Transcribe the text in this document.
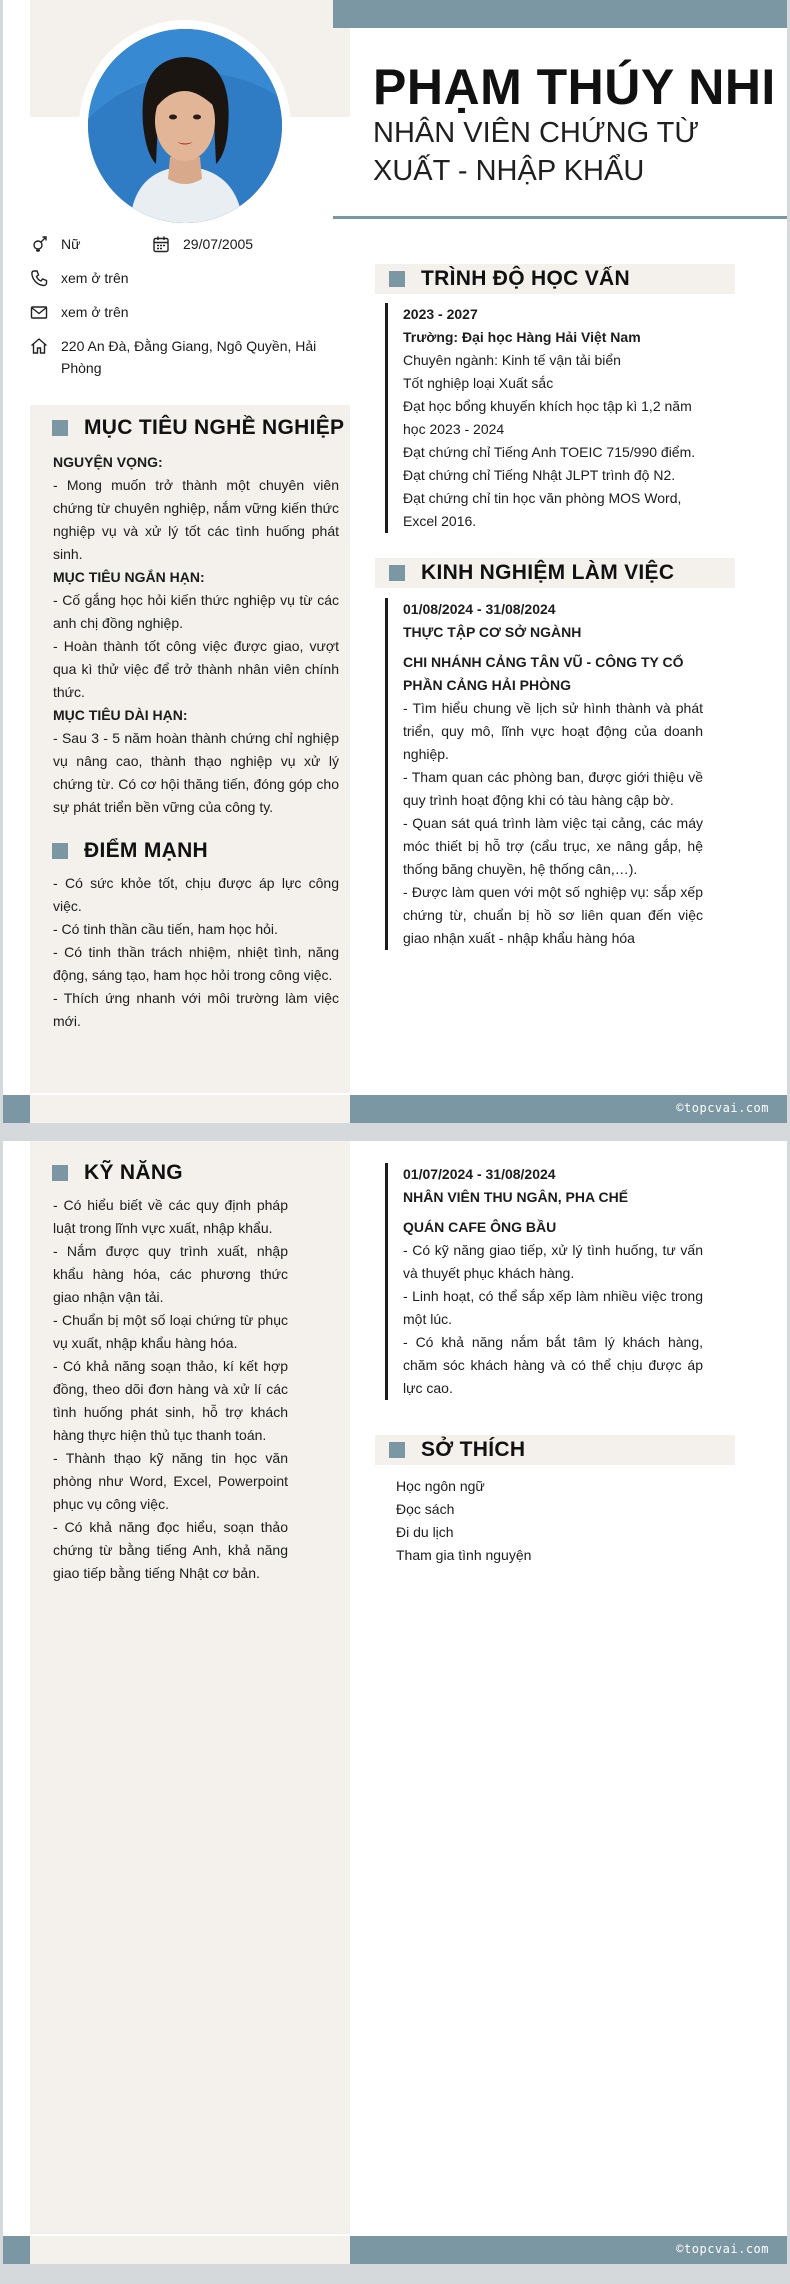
PHẠM THÚY NHI
NHÂN VIÊN CHỨNG TỪ XUẤT - NHẬP KHẨU
Nữ	29/07/2005
xem ở trên
xem ở trên
220 An Đà, Đằng Giang, Ngô Quyền, Hải Phòng
MỤC TIÊU NGHỀ NGHIỆP
NGUYỆN VỌNG:

- Mong muốn trở thành một chuyên viên chứng từ chuyên nghiệp, nắm vững kiến thức nghiệp vụ và xử lý tốt các tình huống phát sinh.

MỤC TIÊU NGẮN HẠN:

- Cố gắng học hỏi kiến thức nghiệp vụ từ các anh chị đồng nghiệp.

- Hoàn thành tốt công việc được giao, vượt qua kì thử việc để trở thành nhân viên chính thức.

MỤC TIÊU DÀI HẠN:

- Sau 3 - 5 năm hoàn thành chứng chỉ nghiệp vụ nâng cao, thành thạo nghiệp vụ xử lý chứng từ. Có cơ hội thăng tiến, đóng góp cho sự phát triển bền vững của công ty.

ĐIỂM MẠNH

- Có sức khỏe tốt, chịu được áp lực công việc.

- Có tinh thần cầu tiến, ham học hỏi.

- Có tinh thần trách nhiệm, nhiệt tình, năng động, sáng tạo, ham học hỏi trong công việc.

- Thích ứng nhanh với môi trường làm việc mới.

TRÌNH ĐỘ HỌC VẤN
2023 - 2027
Trường: Đại học Hàng Hải Việt Nam
Chuyên ngành: Kinh tế vận tải biển
Tốt nghiệp loại Xuất sắc
Đạt học bổng khuyến khích học tập kì 1,2 năm học 2023 - 2024
Đạt chứng chỉ Tiếng Anh TOEIC 715/990 điểm.
Đạt chứng chỉ Tiếng Nhật JLPT trình độ N2.
Đạt chứng chỉ tin học văn phòng MOS Word, Excel 2016.
KINH NGHIỆM LÀM VIỆC
01/08/2024 - 31/08/2024
THỰC TẬP CƠ SỞ NGÀNH
CHI NHÁNH CẢNG TÂN VŨ - CÔNG TY CỔ PHẦN CẢNG HẢI PHÒNG

- Tìm hiểu chung về lịch sử hình thành và phát triển, quy mô, lĩnh vực hoạt động của doanh nghiệp.

- Tham quan các phòng ban, được giới thiệu về quy trình hoạt động khi có tàu hàng cập bờ.

- Quan sát quá trình làm việc tại cảng, các máy móc thiết bị hỗ trợ (cẩu trục, xe nâng gắp, hệ thống băng chuyền, hệ thống cân,…).

- Được làm quen với một số nghiệp vụ: sắp xếp chứng từ, chuẩn bị hồ sơ liên quan đến việc giao nhận xuất - nhập khẩu hàng hóa

©topcvai.com
KỸ NĂNG

- Có hiểu biết về các quy định pháp luật trong lĩnh vực xuất, nhập khẩu.

- Nắm được quy trình xuất, nhập khẩu hàng hóa, các phương thức giao nhận vận tải.

- Chuẩn bị một số loại chứng từ phục vụ xuất, nhập khẩu hàng hóa.

- Có khả năng soạn thảo, kí kết hợp đồng, theo dõi đơn hàng và xử lí các tình huống phát sinh, hỗ trợ khách hàng thực hiện thủ tục thanh toán.

- Thành thạo kỹ năng tin học văn phòng như Word, Excel, Powerpoint phục vụ công việc.

- Có khả năng đọc hiểu, soạn thảo chứng từ bằng tiếng Anh, khả năng giao tiếp bằng tiếng Nhật cơ bản.

01/07/2024 - 31/08/2024
NHÂN VIÊN THU NGÂN, PHA CHẾ
QUÁN CAFE ÔNG BẦU

- Có kỹ năng giao tiếp, xử lý tình huống, tư vấn và thuyết phục khách hàng.

- Linh hoạt, có thể sắp xếp làm nhiều việc trong một lúc.

- Có khả năng nắm bắt tâm lý khách hàng, chăm sóc khách hàng và có thể chịu được áp lực cao.

SỞ THÍCH
Học ngôn ngữ
Đọc sách
Đi du lịch
Tham gia tình nguyện
©topcvai.com
